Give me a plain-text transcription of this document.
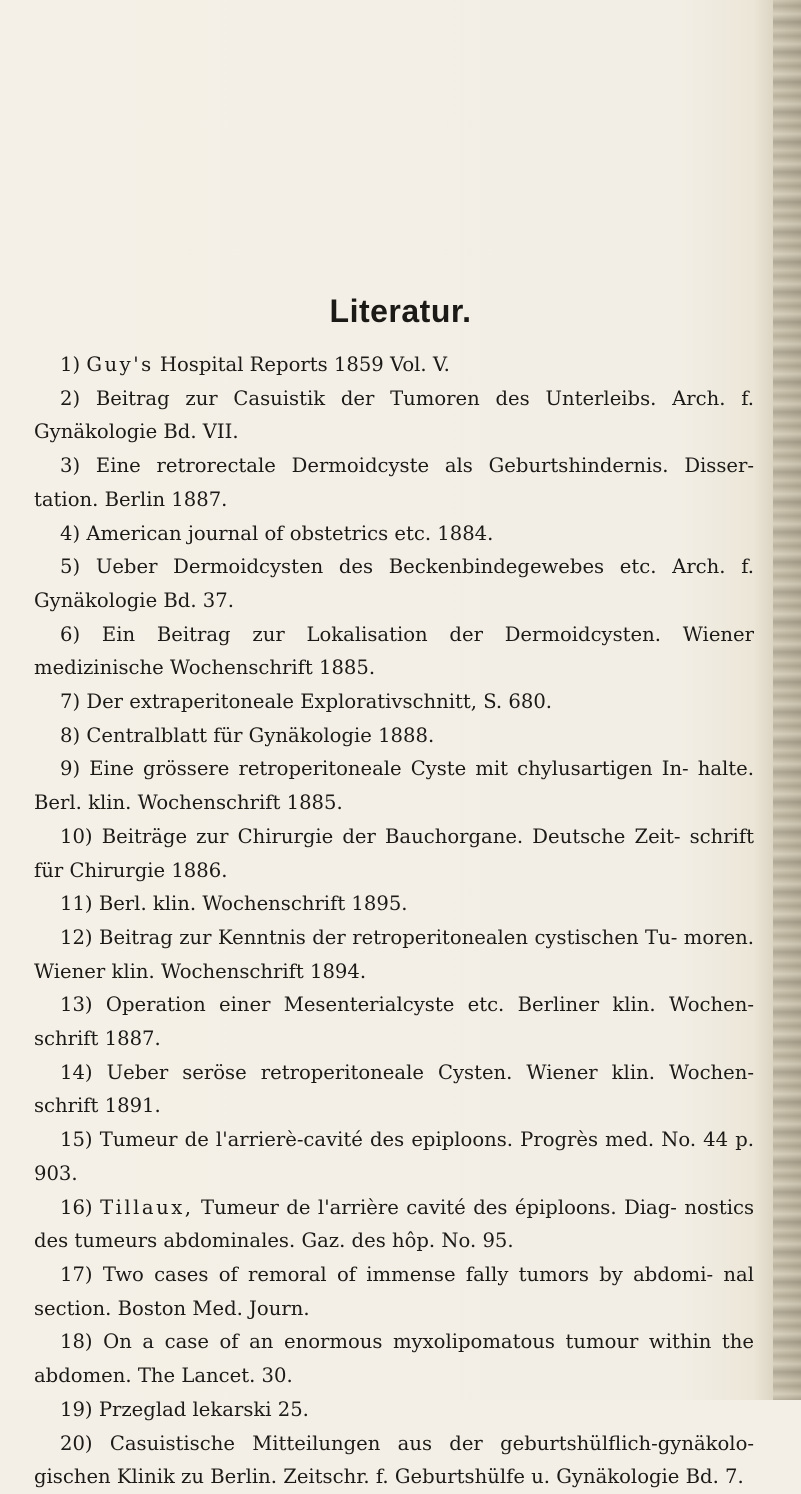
Literatur.
1) Guy's Hospital Reports 1859 Vol. V.
2) Beitrag zur Casuistik der Tumoren des Unterleibs. Arch. f. Gynäkologie Bd. VII.
3) Eine retrorectale Dermoidcyste als Geburtshindernis. Disser- tation. Berlin 1887.
4) American journal of obstetrics etc. 1884.
5) Ueber Dermoidcysten des Beckenbindegewebes etc. Arch. f. Gynäkologie Bd. 37.
6) Ein Beitrag zur Lokalisation der Dermoidcysten. Wiener medizinische Wochenschrift 1885.
7) Der extraperitoneale Explorativschnitt, S. 680.
8) Centralblatt für Gynäkologie 1888.
9) Eine grössere retroperitoneale Cyste mit chylusartigen In- halte. Berl. klin. Wochenschrift 1885.
10) Beiträge zur Chirurgie der Bauchorgane. Deutsche Zeit- schrift für Chirurgie 1886.
11) Berl. klin. Wochenschrift 1895.
12) Beitrag zur Kenntnis der retroperitonealen cystischen Tu- moren. Wiener klin. Wochenschrift 1894.
13) Operation einer Mesenterialcyste etc. Berliner klin. Wochen- schrift 1887.
14) Ueber seröse retroperitoneale Cysten. Wiener klin. Wochen- schrift 1891.
15) Tumeur de l'arrierè-cavité des epiploons. Progrès med. No. 44 p. 903.
16) Tillaux, Tumeur de l'arrière cavité des épiploons. Diag- nostics des tumeurs abdominales. Gaz. des hôp. No. 95.
17) Two cases of remoral of immense fally tumors by abdomi- nal section. Boston Med. Journ.
18) On a case of an enormous myxolipomatous tumour within the abdomen. The Lancet. 30.
19) Przeglad lekarski 25.
20) Casuistische Mitteilungen aus der geburtshülflich-gynäkolo- gischen Klinik zu Berlin. Zeitschr. f. Geburtshülfe u. Gynäkologie Bd. 7.
